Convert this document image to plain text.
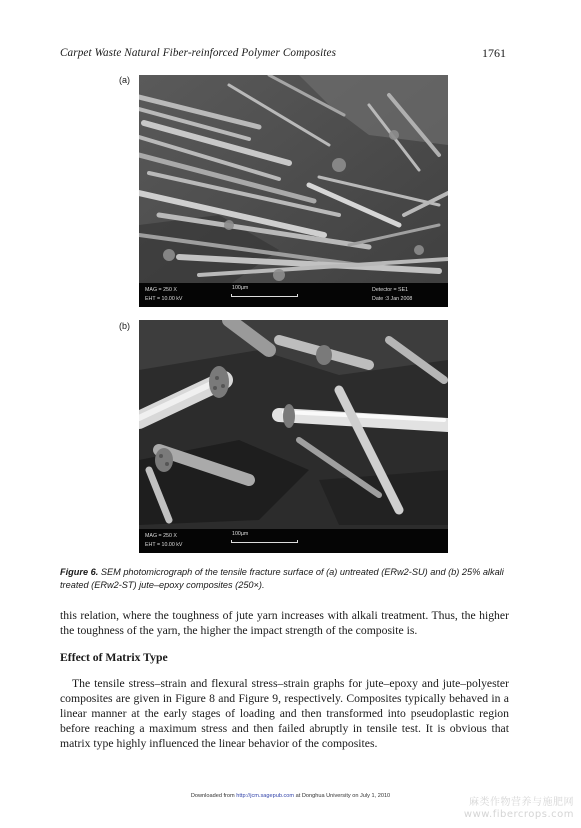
Carpet Waste Natural Fiber-reinforced Polymer Composites	1761
(a)
MAG = 250 X
EHT = 10.00 kV
100µm	Detector = SE1
Date :3 Jan 2008
(b)
MAG = 250 X
EHT = 10.00 kV
100µm
Figure 6. SEM photomicrograph of the tensile fracture surface of (a) untreated (ERw2-SU) and (b) 25% alkali treated (ERw2-ST) jute–epoxy composites (250×).

this relation, where the toughness of jute yarn increases with alkali treatment. Thus, the higher the toughness of the yarn, the higher the impact strength of the composite is.

Effect of Matrix Type

The tensile stress–strain and flexural stress–strain graphs for jute–epoxy and jute–polyester composites are given in Figure 8 and Figure 9, respectively. Composites typically behaved in a linear manner at the early stages of loading and then transformed into pseudoplastic region before reaching a maximum stress and then failed abruptly in tensile test. It is obvious that matrix type highly influenced the linear behavior of the composites.

Downloaded from http://jcm.sagepub.com at Donghua University on July 1, 2010
麻类作物营养与施肥网
www.fibercrops.com
